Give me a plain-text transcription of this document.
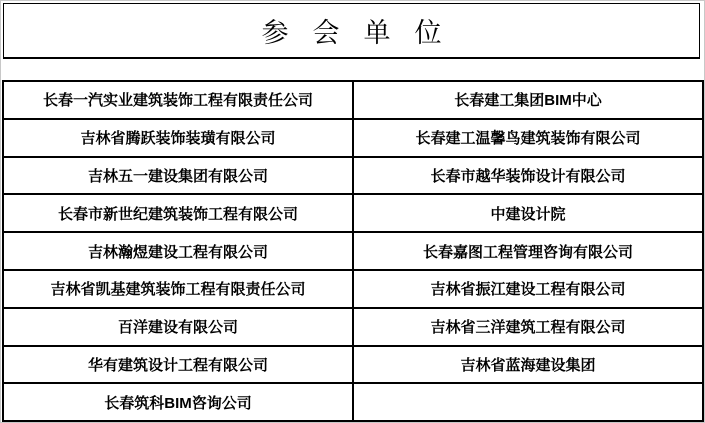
参 会 单 位
长春一汽实业建筑装饰工程有限责任公司	长春建工集团BIM中心
吉林省腾跃装饰装璜有限公司	长春建工温馨鸟建筑装饰有限公司
吉林五一建设集团有限公司	长春市越华装饰设计有限公司
长春市新世纪建筑装饰工程有限公司	中建设计院
吉林瀚煜建设工程有限公司	长春嘉图工程管理咨询有限公司
吉林省凯基建筑装饰工程有限责任公司	吉林省振江建设工程有限公司
百洋建设有限公司	吉林省三洋建筑工程有限公司
华有建筑设计工程有限公司	吉林省蓝海建设集团
长春筑科BIM咨询公司	
